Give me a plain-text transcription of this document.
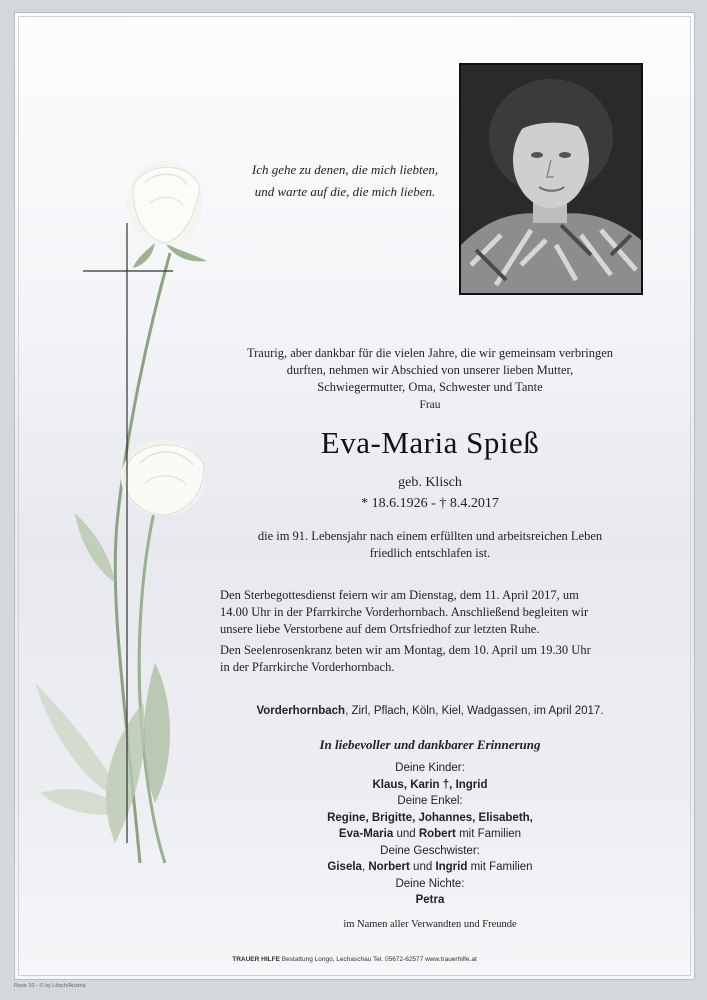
Ich gehe zu denen, die mich liebten,
und warte auf die, die mich lieben.
Traurig, aber dankbar für die vielen Jahre, die wir gemeinsam verbringen
durften, nehmen wir Abschied von unserer lieben Mutter,
Schwiegermutter, Oma, Schwester und Tante
Frau
Eva-Maria Spieß
geb. Klisch
* 18.6.1926 - † 8.4.2017
die im 91. Lebensjahr nach einem erfüllten und arbeitsreichen Leben
friedlich entschlafen ist.
Den Sterbegottesdienst feiern wir am Dienstag, dem 11. April 2017, um
14.00 Uhr in der Pfarrkirche Vorderhornbach. Anschließend begleiten wir
unsere liebe Verstorbene auf dem Ortsfriedhof zur letzten Ruhe.
Den Seelenrosenkranz beten wir am Montag, dem 10. April um 19.30 Uhr
in der Pfarrkirche Vorderhornbach.
Vorderhornbach, Zirl, Pflach, Köln, Kiel, Wadgassen, im April 2017.
In liebevoller und dankbarer Erinnerung
Deine Kinder:
Klaus, Karin †, Ingrid
Deine Enkel:
Regine, Brigitte, Johannes, Elisabeth,
Eva-Maria und Robert mit Familien
Deine Geschwister:
Gisela, Norbert und Ingrid mit Familien
Deine Nichte:
Petra
im Namen aller Verwandten und Freunde
TRAUER HILFE Bestattung Longo, Lechaschau Tel. 05672-62577 www.trauerhilfe.at
Rose 10 - © by Lösch/Austria
